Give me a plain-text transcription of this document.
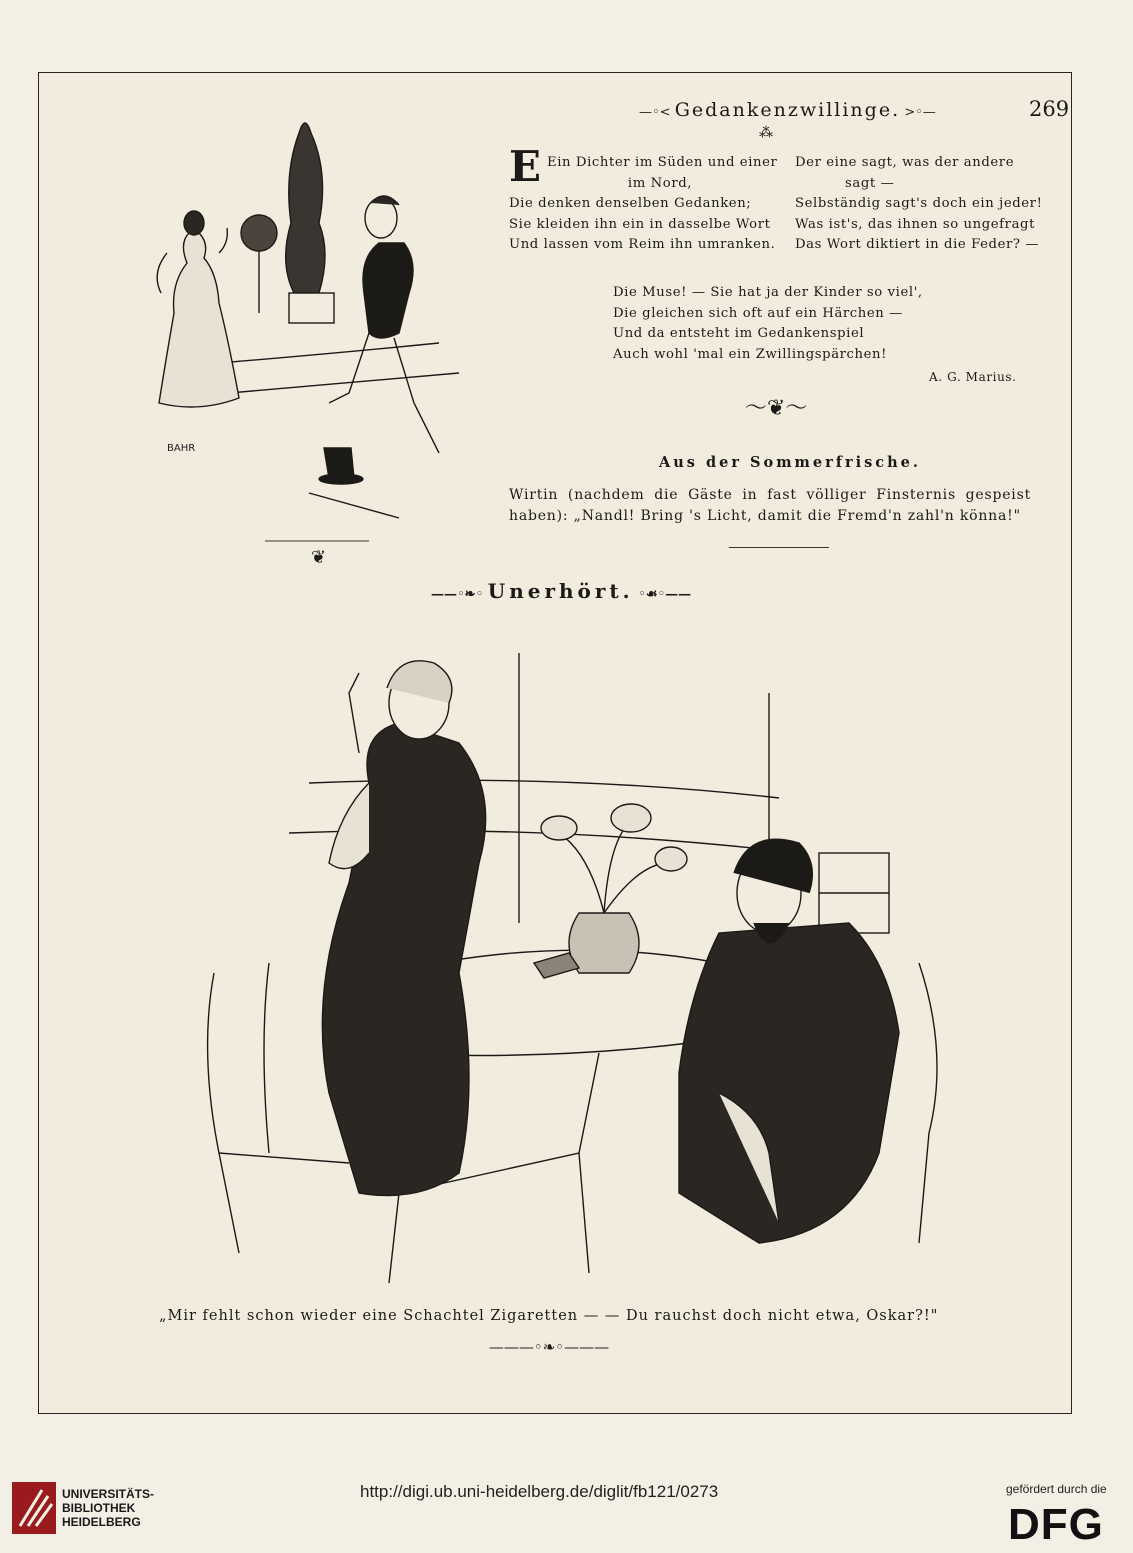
—◦< Gedankenzwillinge. >◦—	269
⁂
BAHR
❦
E Ein Dichter im Süden und einer
im Nord,
Die denken denselben Gedanken;
Sie kleiden ihn ein in dasselbe Wort
Und lassen vom Reim ihn umranken.
Der eine sagt, was der andere
sagt —
Selbständig sagt's doch ein jeder!
Was ist's, das ihnen so ungefragt
Das Wort diktiert in die Feder? —
Die Muse! — Sie hat ja der Kinder so viel',
Die gleichen sich oft auf ein Härchen —
Und da entsteht im Gedankenspiel
Auch wohl 'mal ein Zwillingspärchen!
A. G. Marius.
〜❦〜
Aus der Sommerfrische.
Wirtin (nachdem die Gäste in fast völliger Finsternis gespeist haben): „Nandl! Bring 's Licht, damit die Fremd'n zahl'n könna!"
——◦❧◦ Unerhört. ◦☙◦——
„Mir fehlt schon wieder eine Schachtel Zigaretten — — Du rauchst doch nicht etwa, Oskar?!"
———◦❧◦———
UNIVERSITÄTS-
BIBLIOTHEK
HEIDELBERG
http://digi.ub.uni-heidelberg.de/diglit/fb121/0273	gefördert durch die
DFG
